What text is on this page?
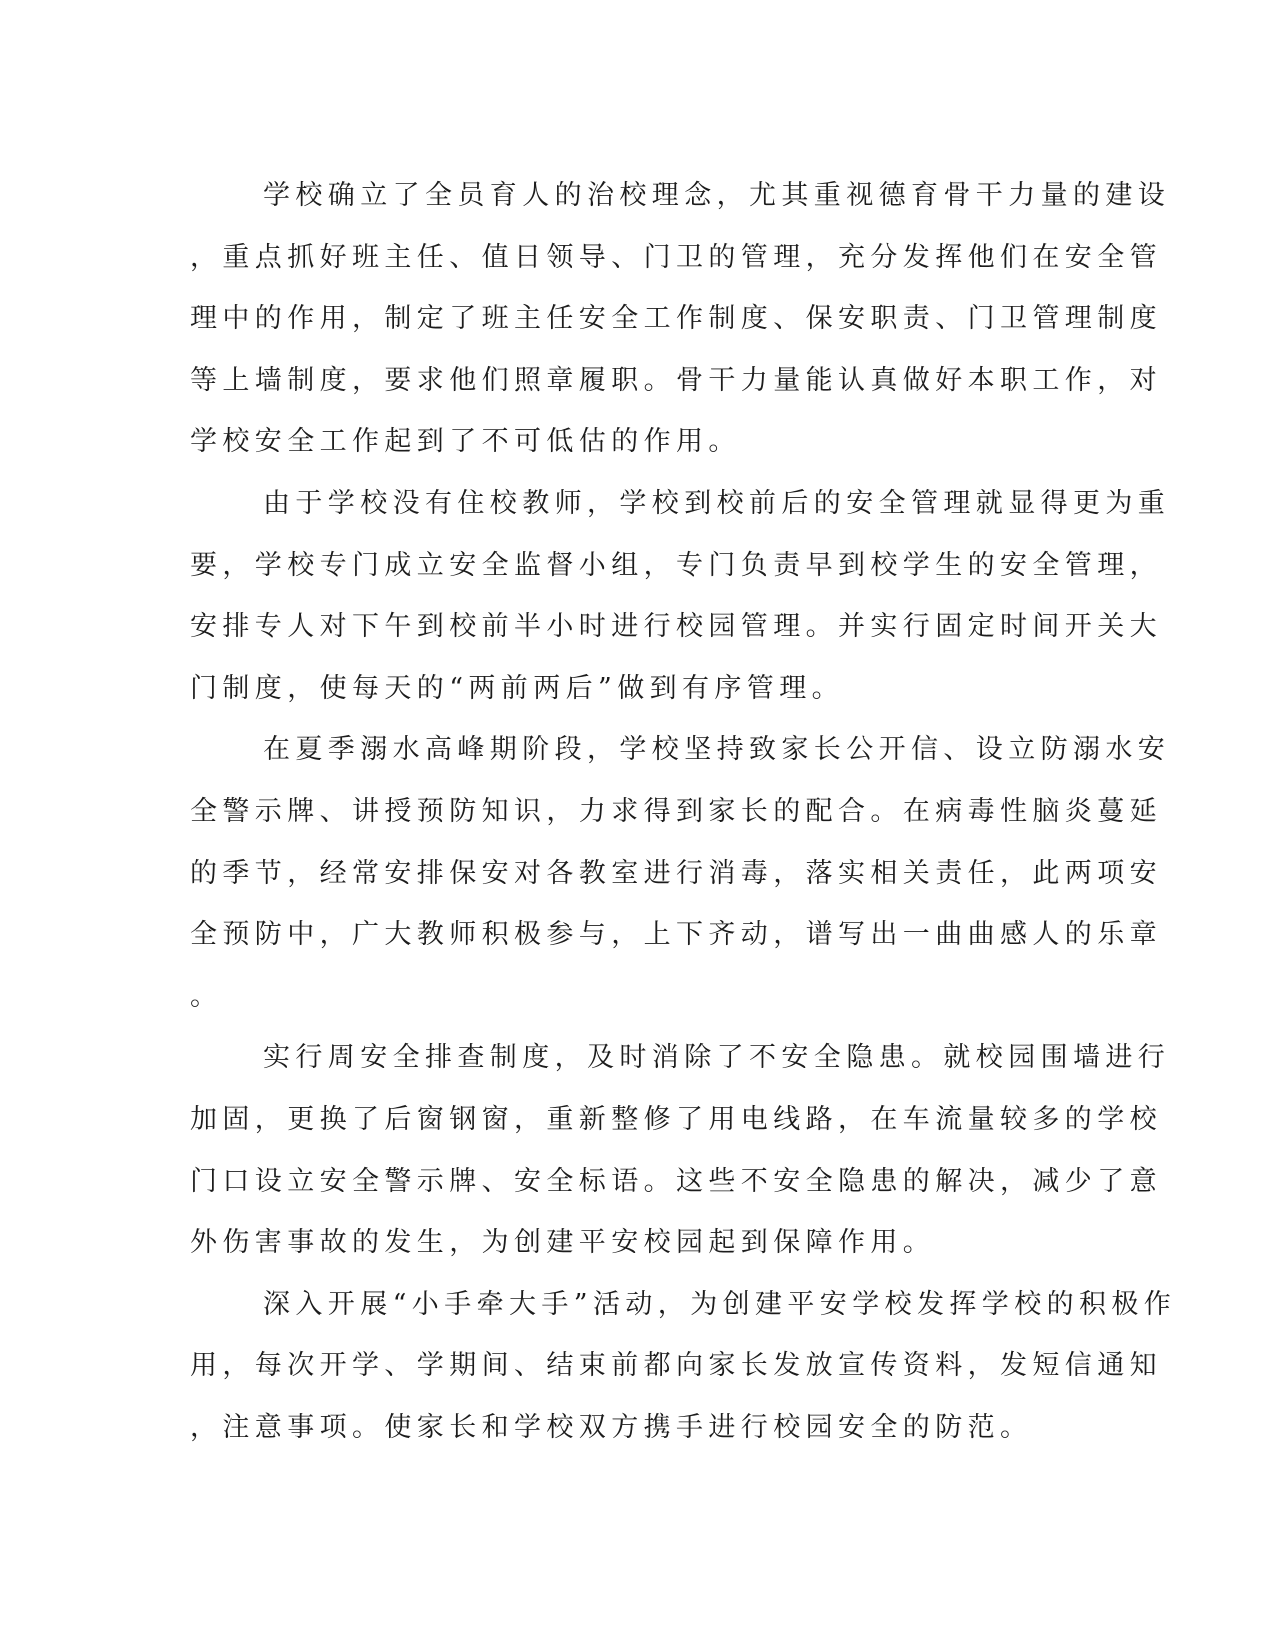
学校确立了全员育人的治校理念，尤其重视德育骨干力量的建设
，重点抓好班主任、值日领导、门卫的管理，充分发挥他们在安全管
理中的作用，制定了班主任安全工作制度、保安职责、门卫管理制度
等上墙制度，要求他们照章履职。骨干力量能认真做好本职工作，对
学校安全工作起到了不可低估的作用。
由于学校没有住校教师，学校到校前后的安全管理就显得更为重
要，学校专门成立安全监督小组，专门负责早到校学生的安全管理，
安排专人对下午到校前半小时进行校园管理。并实行固定时间开关大
门制度，使每天的“两前两后”做到有序管理。
在夏季溺水高峰期阶段，学校坚持致家长公开信、设立防溺水安
全警示牌、讲授预防知识，力求得到家长的配合。在病毒性脑炎蔓延
的季节，经常安排保安对各教室进行消毒，落实相关责任，此两项安
全预防中，广大教师积极参与，上下齐动，谱写出一曲曲感人的乐章
。
实行周安全排查制度，及时消除了不安全隐患。就校园围墙进行
加固，更换了后窗钢窗，重新整修了用电线路，在车流量较多的学校
门口设立安全警示牌、安全标语。这些不安全隐患的解决，减少了意
外伤害事故的发生，为创建平安校园起到保障作用。
深入开展“小手牵大手”活动，为创建平安学校发挥学校的积极作
用，每次开学、学期间、结束前都向家长发放宣传资料，发短信通知
，注意事项。使家长和学校双方携手进行校园安全的防范。
